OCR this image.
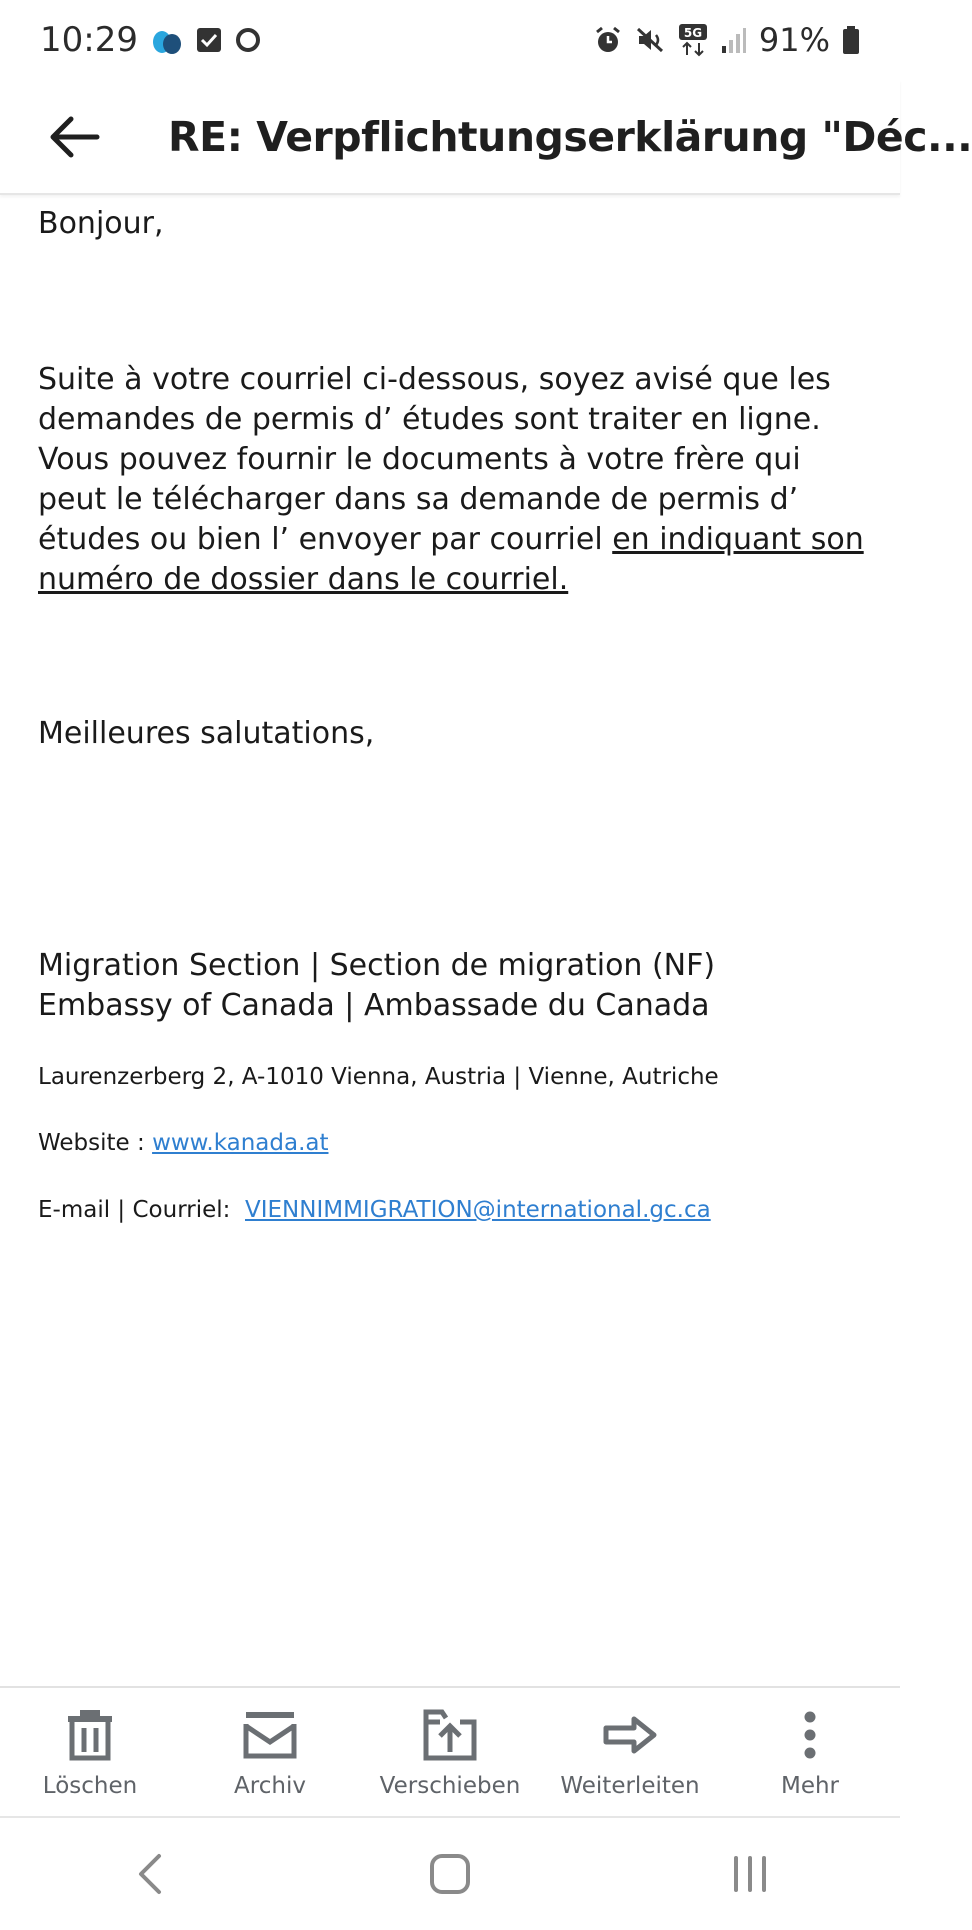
10:29	5G 91%
RE: Verpflichtungserklärung "Déc...
Bonjour,
Suite à votre courriel ci-dessous, soyez avisé que les demandes de permis d’ études sont traiter en ligne. Vous pouvez fournir le documents à votre frère qui peut le télécharger dans sa demande de permis d’ études ou bien l’ envoyer par courriel en indiquant son numéro de dossier dans le courriel.
Meilleures salutations,
Migration Section | Section de migration (NF)
Embassy of Canada | Ambassade du Canada
Laurenzerberg 2, A-1010 Vienna, Austria | Vienne, Autriche
Website : www.kanada.at
E-mail | Courriel:  VIENNIMMIGRATION@international.gc.ca
Löschen	Archiv	Verschieben Weiterleiten	Mehr
